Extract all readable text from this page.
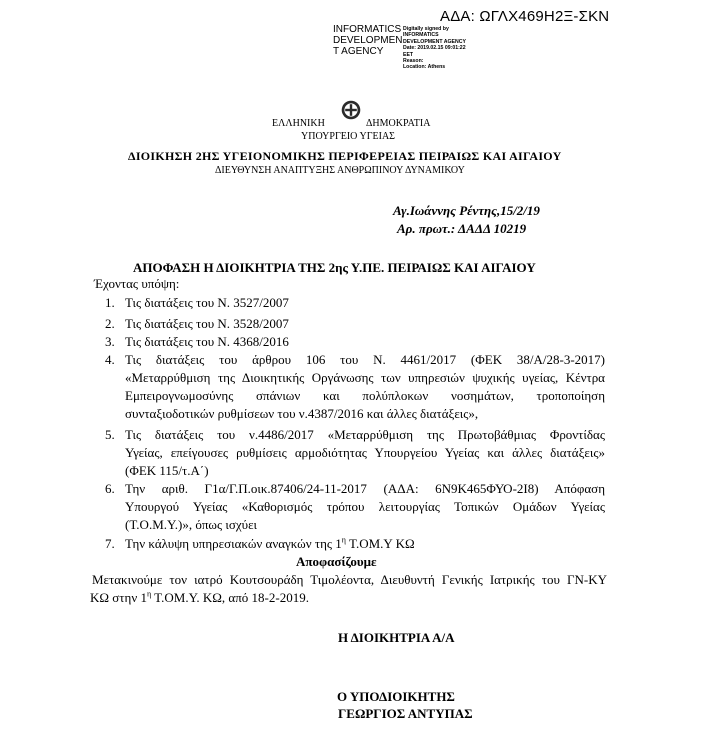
ΑΔΑ: ΩΓΛΧ469Η2Ξ-ΣΚΝ
INFORMATICS
DEVELOPMEN
T AGENCY
Digitally signed by
INFORMATICS
DEVELOPMENT AGENCY
Date: 2019.02.15 09:01:22
EET
Reason:
Location: Athens
ΕΛΛΗΝΙΚΗ	ΔΗΜΟΚΡΑΤΙΑ
ΥΠΟΥΡΓΕΙΟ ΥΓΕΙΑΣ
ΔΙΟΙΚΗΣΗ 2ΗΣ ΥΓΕΙΟΝΟΜΙΚΗΣ ΠΕΡΙΦΕΡΕΙΑΣ ΠΕΙΡΑΙΩΣ ΚΑΙ ΑΙΓΑΙΟΥ
ΔΙΕΥΘΥΝΣΗ ΑΝΑΠΤΥΞΗΣ ΑΝΘΡΩΠΙΝΟΥ ΔΥΝΑΜΙΚΟΥ
Αγ.Ιωάννης Ρέντης,15/2/19
Αρ. πρωτ.: ΔΑΔΔ 10219
ΑΠΟΦΑΣΗ Η ΔΙΟΙΚΗΤΡΙΑ ΤΗΣ 2ης Υ.ΠΕ. ΠΕΙΡΑΙΩΣ ΚΑΙ ΑΙΓΑΙΟΥ
Έχοντας υπόψη:
1. Τις διατάξεις του Ν. 3527/2007
2. Τις διατάξεις του Ν. 3528/2007
3. Τις διατάξεις του Ν. 4368/2016
4. Τις διατάξεις του άρθρου 106 του Ν. 4461/2017 (ΦΕΚ 38/Α/28-3-2017)
«Μεταρρύθμιση της Διοικητικής Οργάνωσης των υπηρεσιών ψυχικής υγείας, Κέντρα
Εμπειρογνωμοσύνης σπάνιων και πολύπλοκων νοσημάτων, τροποποίηση
συνταξιοδοτικών ρυθμίσεων του ν.4387/2016 και άλλες διατάξεις»,
5. Τις διατάξεις του ν.4486/2017 «Μεταρρύθμιση της Πρωτοβάθμιας Φροντίδας
Υγείας, επείγουσες ρυθμίσεις αρμοδιότητας Υπουργείου Υγείας και άλλες διατάξεις»
(ΦΕΚ 115/τ.Α΄)
6. Την αριθ. Γ1α/Γ.Π.οικ.87406/24-11-2017 (ΑΔΑ: 6Ν9Κ465ΦΥΟ-2Ι8) Απόφαση
Υπουργού Υγείας «Καθορισμός τρόπου λειτουργίας Τοπικών Ομάδων Υγείας
(Τ.Ο.Μ.Υ.)», όπως ισχύει
7. Την κάλυψη υπηρεσιακών αναγκών της $1^\eta$ Τ.ΟΜ.Υ ΚΩ
Αποφασίζουμε
Μετακινούμε τον ιατρό Κουτσουράδη Τιμολέοντα, Διευθυντή Γενικής Ιατρικής του ΓΝ-ΚΥ
ΚΩ στην $1^\eta$ Τ.ΟΜ.Υ. ΚΩ, από 18-2-2019.
Η ΔΙΟΙΚΗΤΡΙΑ Α/Α
Ο ΥΠΟΔΙΟΙΚΗΤΗΣ
ΓΕΩΡΓΙΟΣ ΑΝΤΥΠΑΣ
